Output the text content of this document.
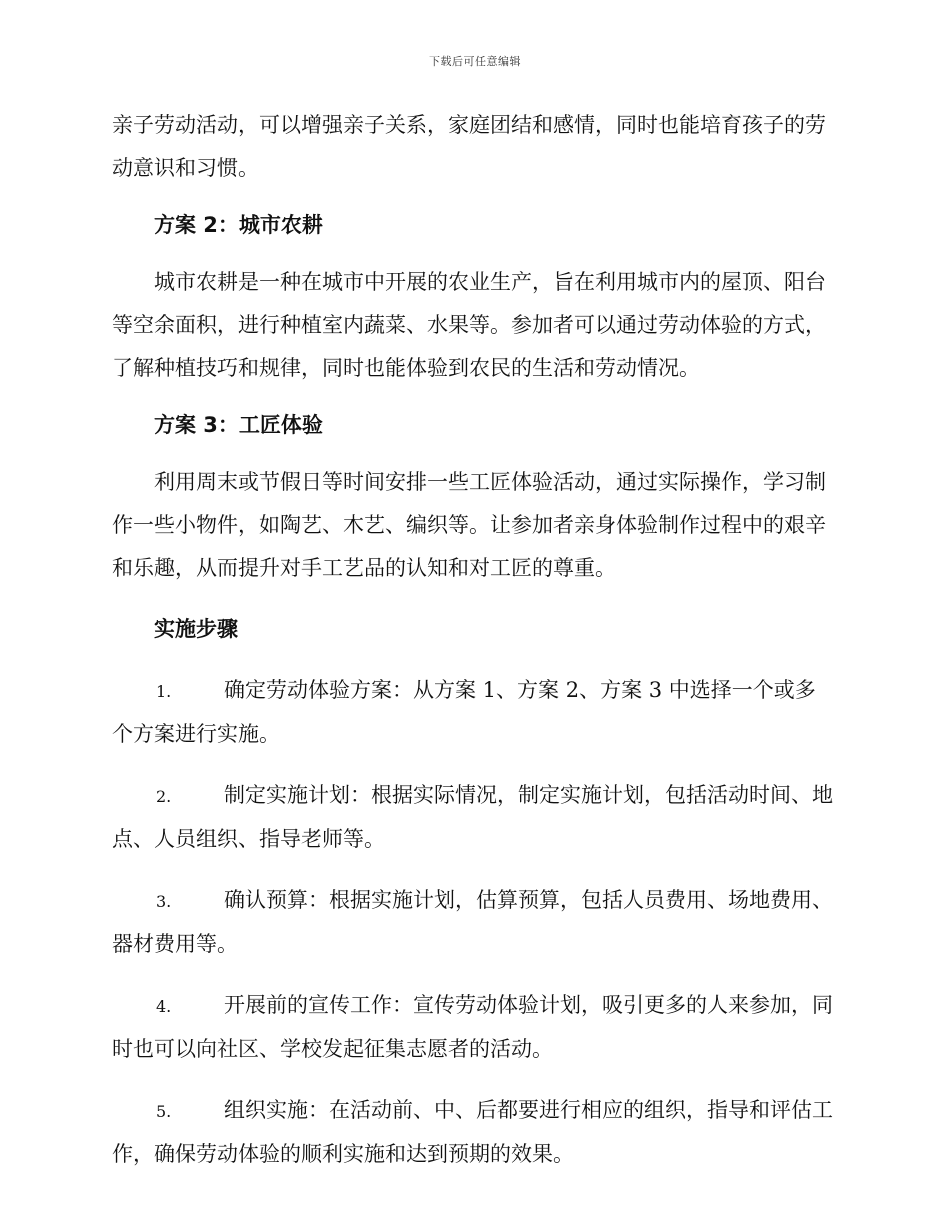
下载后可任意编辑

亲子劳动活动，可以增强亲子关系，家庭团结和感情，同时也能培育孩子的劳动意识和习惯。

方案 2：城市农耕

城市农耕是一种在城市中开展的农业生产，旨在利用城市内的屋顶、阳台等空余面积，进行种植室内蔬菜、水果等。参加者可以通过劳动体验的方式，了解种植技巧和规律，同时也能体验到农民的生活和劳动情况。

方案 3：工匠体验

利用周末或节假日等时间安排一些工匠体验活动，通过实际操作，学习制作一些小物件，如陶艺、木艺、编织等。让参加者亲身体验制作过程中的艰辛和乐趣，从而提升对手工艺品的认知和对工匠的尊重。

实施步骤

1.	确定劳动体验方案：从方案 1、方案 2、方案 3 中选择一个或多个方案进行实施。

2.	制定实施计划：根据实际情况，制定实施计划，包括活动时间、地点、人员组织、指导老师等。

3.	确认预算：根据实施计划，估算预算，包括人员费用、场地费用、器材费用等。

4.	开展前的宣传工作：宣传劳动体验计划，吸引更多的人来参加，同时也可以向社区、学校发起征集志愿者的活动。

5.	组织实施：在活动前、中、后都要进行相应的组织，指导和评估工作，确保劳动体验的顺利实施和达到预期的效果。
